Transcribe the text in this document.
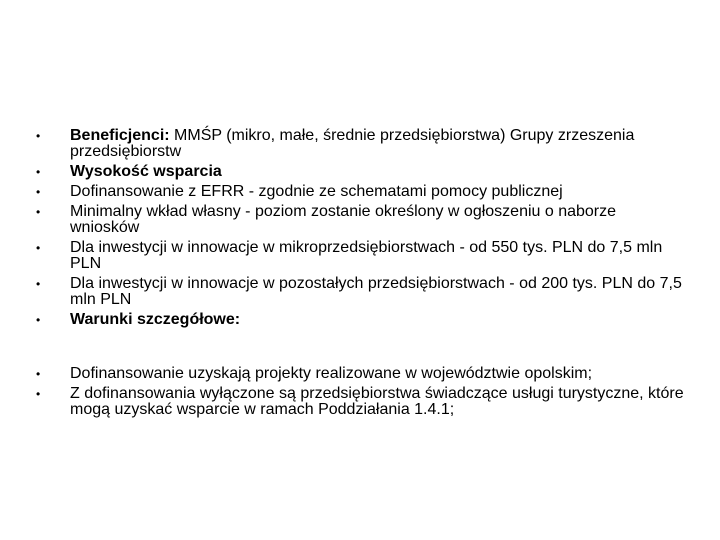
•	Beneficjenci: MMŚP (mikro, małe, średnie przedsiębiorstwa) Grupy zrzeszenia przedsiębiorstw
•	Wysokość wsparcia
•	Dofinansowanie z EFRR - zgodnie ze schematami pomocy publicznej
•	Minimalny wkład własny - poziom zostanie określony w ogłoszeniu o naborze wniosków
•	Dla inwestycji w innowacje w mikroprzedsiębiorstwach - od 550 tys. PLN do 7,5 mln PLN
•	Dla inwestycji w innowacje w pozostałych przedsiębiorstwach - od 200 tys. PLN do 7,5 mln PLN
•	Warunki szczegółowe:
•	Dofinansowanie uzyskają projekty realizowane w województwie opolskim;
•	Z dofinansowania wyłączone są przedsiębiorstwa świadczące usługi turystyczne, które mogą uzyskać wsparcie w ramach Poddziałania 1.4.1;
